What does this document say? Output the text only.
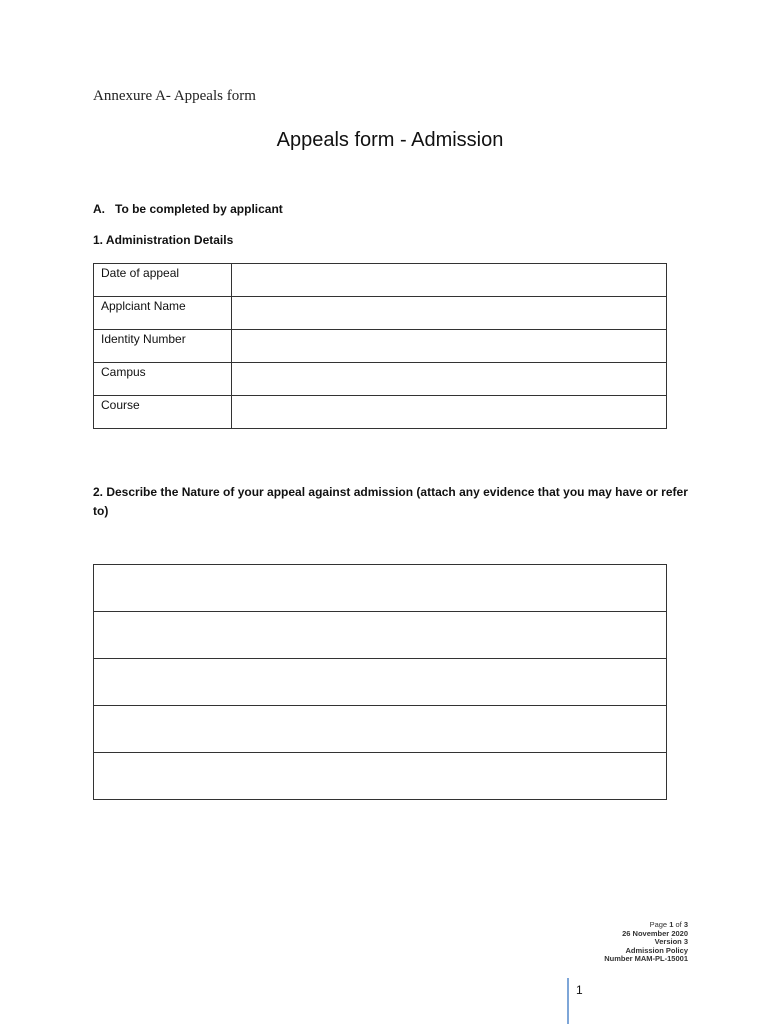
Annexure A- Appeals form
Appeals form - Admission
A. To be completed by applicant
1. Administration Details
Date of appeal	
Applciant Name	
Identity Number	
Campus	
Course	
2. Describe the Nature of your appeal against admission (attach any evidence that you may have or refer to)

Page 1 of 3
26 November 2020
Version 3
Admission Policy
Number MAM-PL-15001
1
